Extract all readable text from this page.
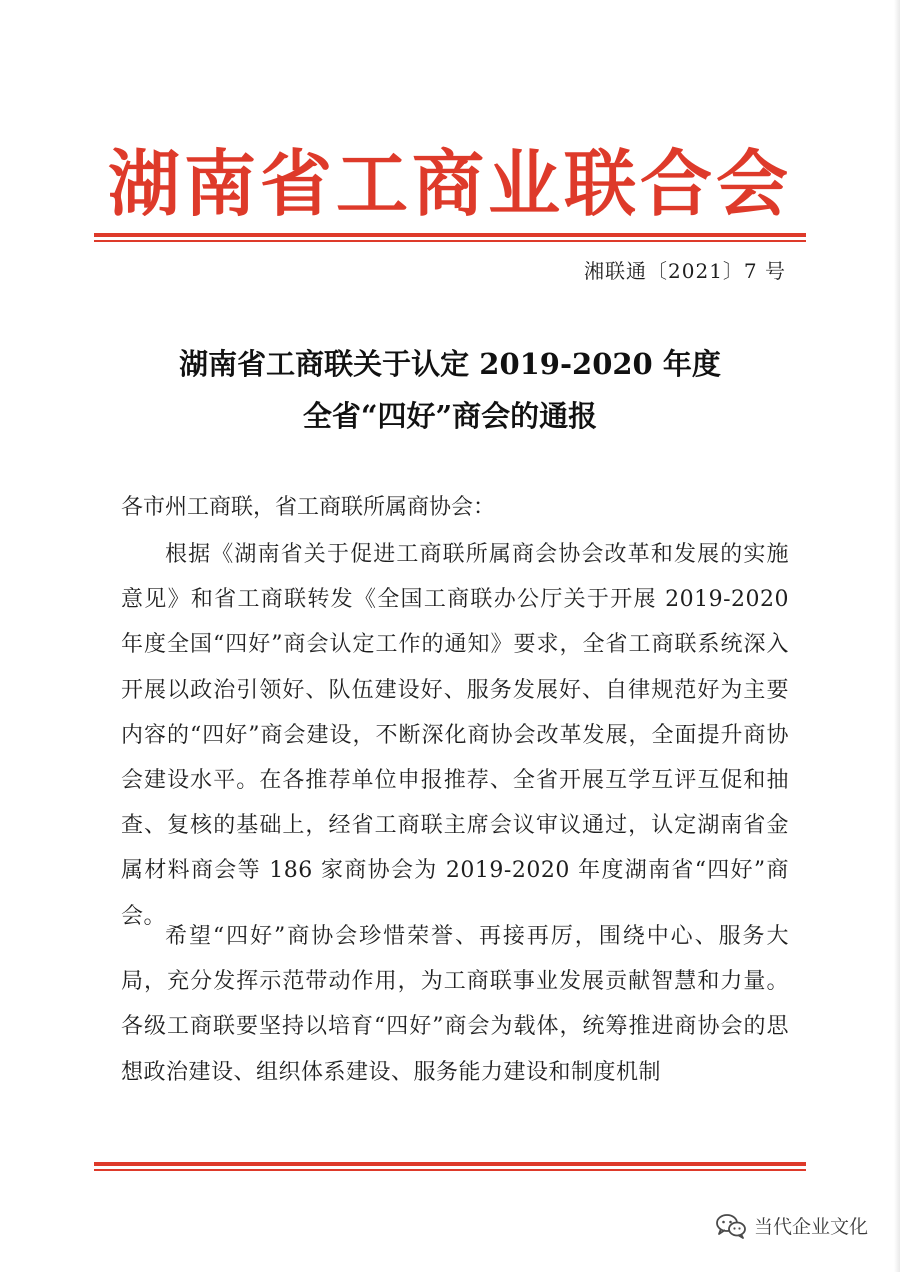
湖南省工商业联合会
湘联通〔2021〕7 号
湖南省工商联关于认定 2019-2020 年度
全省“四好”商会的通报
各市州工商联，省工商联所属商协会：

根据《湖南省关于促进工商联所属商会协会改革和发展的实施意见》和省工商联转发《全国工商联办公厅关于开展 2019-2020 年度全国“四好”商会认定工作的通知》要求，全省工商联系统深入开展以政治引领好、队伍建设好、服务发展好、自律规范好为主要内容的“四好”商会建设，不断深化商协会改革发展，全面提升商协会建设水平。在各推荐单位申报推荐、全省开展互学互评互促和抽查、复核的基础上，经省工商联主席会议审议通过，认定湖南省金属材料商会等 186 家商协会为 2019-2020 年度湖南省“四好”商会。

希望“四好”商协会珍惜荣誉、再接再厉，围绕中心、服务大局，充分发挥示范带动作用，为工商联事业发展贡献智慧和力量。各级工商联要坚持以培育“四好”商会为载体，统筹推进商协会的思想政治建设、组织体系建设、服务能力建设和制度机制

当代企业文化
